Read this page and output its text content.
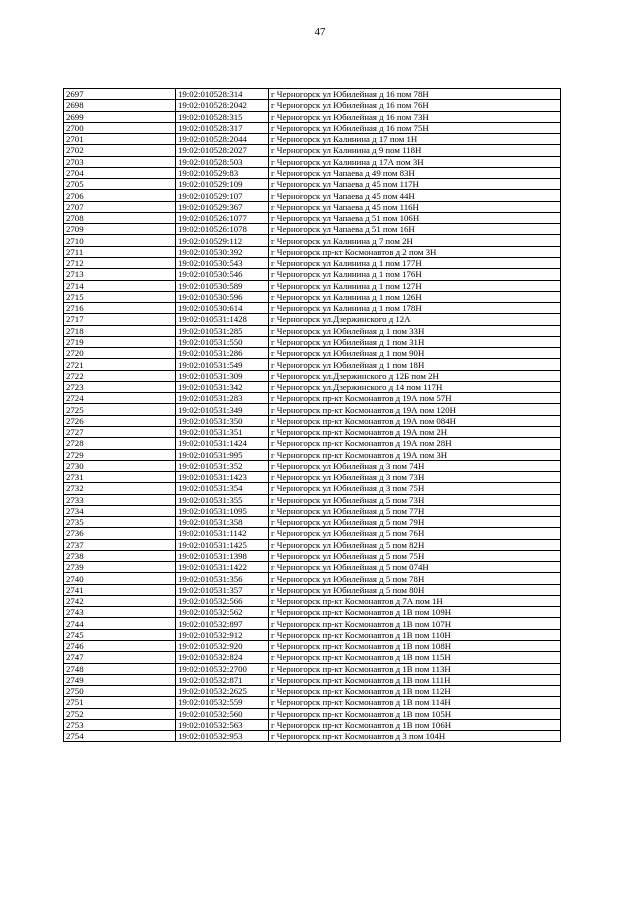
47
2697	19:02:010528:314	г Черногорск ул Юбилейная д 16 пом 78Н
2698	19:02:010528:2042	г Черногорск ул Юбилейная д 16 пом 76Н
2699	19:02:010528:315	г Черногорск ул Юбилейная д 16 пом 73Н
2700	19:02:010528:317	г Черногорск ул Юбилейная д 16 пом 75Н
2701	19:02:010528:2044	г Черногорск ул Калинина д 17 пом 1Н
2702	19:02:010528:2027	г Черногорск ул Калинина д 9 пом 118Н
2703	19:02:010528:503	г Черногорск ул Калинина д 17А пом 3Н
2704	19:02:010529:83	г Черногорск ул Чапаева д 49 пом 83Н
2705	19:02:010529:109	г Черногорск ул Чапаева д 45 пом 117Н
2706	19:02:010529:107	г Черногорск ул Чапаева д 45 пом 44Н
2707	19:02:010529:367	г Черногорск ул Чапаева д 45 пом 116Н
2708	19:02:010526:1077	г Черногорск ул Чапаева д 51 пом 106Н
2709	19:02:010526:1078	г Черногорск ул Чапаева д 51 пом 16Н
2710	19:02:010529:112	г Черногорск ул Калинина д 7 пом 2Н
2711	19:02:010530:392	г Черногорск пр-кт Космонавтов д 2 пом 3Н
2712	19:02:010530:543	г Черногорск ул Калинина д 1 пом 177Н
2713	19:02:010530:546	г Черногорск ул Калинина д 1 пом 176Н
2714	19:02:010530:589	г Черногорск ул Калинина д 1 пом 127Н
2715	19:02:010530:596	г Черногорск ул Калинина д 1 пом 126Н
2716	19:02:010530:614	г Черногорск ул Калинина д 1 пом 178Н
2717	19:02:010531:1428	г Черногорск ул.Дзержинского д 12А
2718	19:02:010531:285	г Черногорск ул Юбилейная д 1 пом 33Н
2719	19:02:010531:550	г Черногорск ул Юбилейная д 1 пом 31Н
2720	19:02:010531:286	г Черногорск ул Юбилейная д 1 пом 90Н
2721	19:02:010531:549	г Черногорск ул Юбилейная д 1 пом 18Н
2722	19:02:010531:309	г Черногорск ул.Дзержинского д 12Б пом 2Н
2723	19:02:010531:342	г Черногорск ул.Дзержинского д 14 пом 117Н
2724	19:02:010531:283	г Черногорск пр-кт Космонавтов д 19А пом 57Н
2725	19:02:010531:349	г Черногорск пр-кт Космонавтов д 19А пом 120Н
2726	19:02:010531:350	г Черногорск пр-кт Космонавтов д 19А пом 084Н
2727	19:02:010531:351	г Черногорск пр-кт Космонавтов д 19А пом 2Н
2728	19:02:010531:1424	г Черногорск пр-кт Космонавтов д 19А пом 28Н
2729	19:02:010531:995	г Черногорск пр-кт Космонавтов д 19А пом 3Н
2730	19:02:010531:352	г Черногорск ул Юбилейная д 3 пом 74Н
2731	19:02:010531:1423	г Черногорск ул Юбилейная д 3 пом 73Н
2732	19:02:010531:354	г Черногорск ул Юбилейная д 3 пом 75Н
2733	19:02:010531:355	г Черногорск ул Юбилейная д 5 пом 73Н
2734	19:02:010531:1095	г Черногорск ул Юбилейная д 5 пом 77Н
2735	19:02:010531:358	г Черногорск ул Юбилейная д 5 пом 79Н
2736	19:02:010531:1142	г Черногорск ул Юбилейная д 5 пом 76Н
2737	19:02:010531:1425	г Черногорск ул Юбилейная д 5 пом 82Н
2738	19:02:010531:1398	г Черногорск ул Юбилейная д 5 пом 75Н
2739	19:02:010531:1422	г Черногорск ул Юбилейная д 5 пом 074Н
2740	19:02:010531:356	г Черногорск ул Юбилейная д 5 пом 78Н
2741	19:02:010531:357	г Черногорск ул Юбилейная д 5 пом 80Н
2742	19:02:010532:566	г Черногорск пр-кт Космонавтов д 7А пом 1Н
2743	19:02:010532:562	г Черногорск пр-кт Космонавтов д 1В пом 109Н
2744	19:02:010532:897	г Черногорск пр-кт Космонавтов д 1В пом 107Н
2745	19:02:010532:912	г Черногорск пр-кт Космонавтов д 1В пом 110Н
2746	19:02:010532:920	г Черногорск пр-кт Космонавтов д 1В пом 108Н
2747	19:02:010532:824	г Черногорск пр-кт Космонавтов д 1В пом 115Н
2748	19:02:010532:2700	г Черногорск пр-кт Космонавтов д 1В пом 113Н
2749	19:02:010532:871	г Черногорск пр-кт Космонавтов д 1В пом 111Н
2750	19:02:010532:2625	г Черногорск пр-кт Космонавтов д 1В пом 112Н
2751	19:02:010532:559	г Черногорск пр-кт Космонавтов д 1В пом 114Н
2752	19:02:010532:560	г Черногорск пр-кт Космонавтов д 1В пом 105Н
2753	19:02:010532:563	г Черногорск пр-кт Космонавтов д 1В пом 106Н
2754	19:02:010532:953	г Черногорск пр-кт Космонавтов д 3 пом 104Н
